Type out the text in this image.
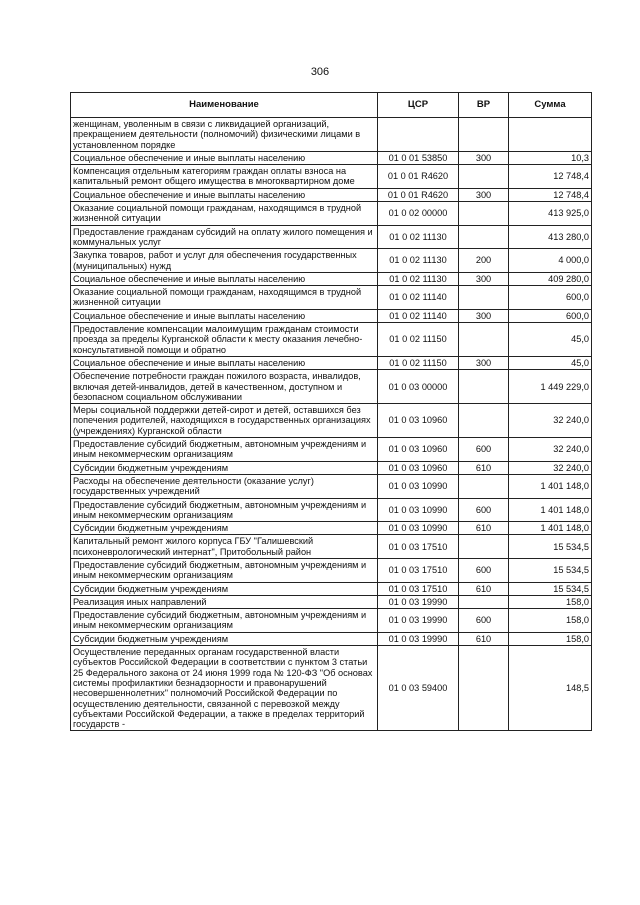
306
Наименование	ЦСР	ВР	Сумма
женщинам, уволенным в связи с ликвидацией организаций, прекращением деятельности (полномочий) физическими лицами в установленном порядке			
Социальное обеспечение и иные выплаты населению	01 0 01 53850	300	10,3
Компенсация отдельным категориям граждан оплаты взноса на капитальный ремонт общего имущества в многоквартирном доме	01 0 01 R4620		12 748,4
Социальное обеспечение и иные выплаты населению	01 0 01 R4620	300	12 748,4
Оказание социальной помощи гражданам, находящимся в трудной жизненной ситуации	01 0 02 00000		413 925,0
Предоставление гражданам субсидий на оплату жилого помещения и коммунальных услуг	01 0 02 11130		413 280,0
Закупка товаров, работ и услуг для обеспечения государственных (муниципальных) нужд	01 0 02 11130	200	4 000,0
Социальное обеспечение и иные выплаты населению	01 0 02 11130	300	409 280,0
Оказание социальной помощи гражданам, находящимся в трудной жизненной ситуации	01 0 02 11140		600,0
Социальное обеспечение и иные выплаты населению	01 0 02 11140	300	600,0
Предоставление компенсации малоимущим гражданам стоимости проезда за пределы Курганской области к месту оказания лечебно-консультативной помощи и обратно	01 0 02 11150		45,0
Социальное обеспечение и иные выплаты населению	01 0 02 11150	300	45,0
Обеспечение потребности граждан пожилого возраста, инвалидов, включая детей-инвалидов, детей в качественном, доступном и безопасном социальном обслуживании	01 0 03 00000		1 449 229,0
Меры социальной поддержки детей-сирот и детей, оставшихся без попечения родителей, находящихся в государственных организациях (учреждениях) Курганской области	01 0 03 10960		32 240,0
Предоставление субсидий бюджетным, автономным учреждениям и иным некоммерческим организациям	01 0 03 10960	600	32 240,0
Субсидии бюджетным учреждениям	01 0 03 10960	610	32 240,0
Расходы на обеспечение деятельности (оказание услуг) государственных учреждений	01 0 03 10990		1 401 148,0
Предоставление субсидий бюджетным, автономным учреждениям и иным некоммерческим организациям	01 0 03 10990	600	1 401 148,0
Субсидии бюджетным учреждениям	01 0 03 10990	610	1 401 148,0
Капитальный ремонт жилого корпуса ГБУ "Галишевский психоневрологический интернат", Притобольный район	01 0 03 17510		15 534,5
Предоставление субсидий бюджетным, автономным учреждениям и иным некоммерческим организациям	01 0 03 17510	600	15 534,5
Субсидии бюджетным учреждениям	01 0 03 17510	610	15 534,5
Реализация иных направлений	01 0 03 19990		158,0
Предоставление субсидий бюджетным, автономным учреждениям и иным некоммерческим организациям	01 0 03 19990	600	158,0
Субсидии бюджетным учреждениям	01 0 03 19990	610	158,0
Осуществление переданных органам государственной власти субъектов Российской Федерации в соответствии с пунктом 3 статьи 25 Федерального закона от 24 июня 1999 года № 120-ФЗ "Об основах системы профилактики безнадзорности и правонарушений несовершеннолетних" полномочий Российской Федерации по осуществлению деятельности, связанной с перевозкой между субъектами Российской Федерации, а также в пределах территорий государств -	01 0 03 59400		148,5
